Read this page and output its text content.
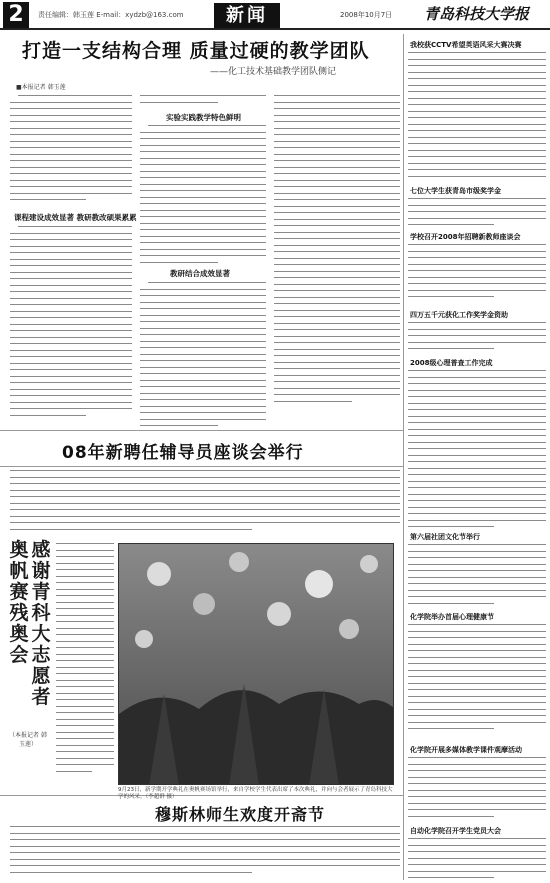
2	责任编辑：韩玉莲 E-mail：xydzb@163.com	新闻	2008年10月7日 青岛科技大学报
打造一支结构合理 质量过硬的教学团队
——化工技术基础教学团队侧记
■本报记者 韩玉莲
课程建设成效显著 教研教改硕果累累
实验实践教学特色鲜明
教研结合成效显著
08年新聘任辅导员座谈会举行
奥帆赛残奥会
感谢青科大志愿者
（本报记者 韩玉莲）
9月23日，新学期开学典礼在奥帆赛场馆举行，来自学校学生代表出席了本次典礼，并向与会者展示了青岛科技大学的风采。（李超群 摄）
穆斯林师生欢度开斋节
我校获CCTV希望英语风采大赛决赛
七位大学生获青岛市级奖学金
学校召开2008年招聘新教师座谈会
四万五千元获化工作奖学金资助
2008级心理普查工作完成
第六届社团文化节举行
化学院举办首届心理健康节
化学院开展多媒体教学课件观摩活动
自动化学院召开学生党员大会
